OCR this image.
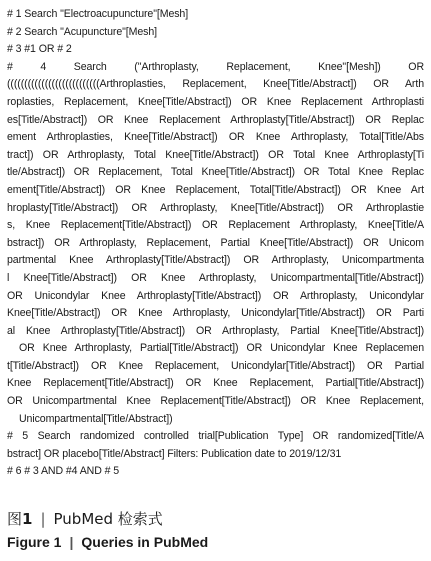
# 1 Search "Electroacupuncture"[Mesh]
# 2 Search "Acupuncture"[Mesh]
# 3 #1 OR # 2
# 4 Search ("Arthroplasty, Replacement, Knee"[Mesh]) OR
(((((((((((((((((((((((((((Arthroplasties, Replacement, Knee[Title/Abstract]) OR Arth
roplasties, Replacement, Knee[Title/Abstract]) OR Knee Replacement Arthroplasti
es[Title/Abstract]) OR Knee Replacement Arthroplasty[Title/Abstract]) OR Replac
ement Arthroplasties, Knee[Title/Abstract]) OR Knee Arthroplasty, Total[Title/Abs
tract]) OR Arthroplasty, Total Knee[Title/Abstract]) OR Total Knee Arthroplasty[Ti
tle/Abstract]) OR Replacement, Total Knee[Title/Abstract]) OR Total Knee Replac
ement[Title/Abstract]) OR Knee Replacement, Total[Title/Abstract]) OR Knee Art
hroplasty[Title/Abstract]) OR Arthroplasty, Knee[Title/Abstract]) OR Arthroplastie
s, Knee Replacement[Title/Abstract]) OR Replacement Arthroplasty, Knee[Title/A
bstract]) OR Arthroplasty, Replacement, Partial Knee[Title/Abstract]) OR Unicom
partmental Knee Arthroplasty[Title/Abstract]) OR Arthroplasty, Unicompartmenta
l Knee[Title/Abstract]) OR Knee Arthroplasty, Unicompartmental[Title/Abstract])
OR Unicondylar Knee Arthroplasty[Title/Abstract]) OR Arthroplasty, Unicondylar
Knee[Title/Abstract]) OR Knee Arthroplasty, Unicondylar[Title/Abstract]) OR Parti
al Knee Arthroplasty[Title/Abstract]) OR Arthroplasty, Partial Knee[Title/Abstract])
OR Knee Arthroplasty, Partial[Title/Abstract]) OR Unicondylar Knee Replacemen
t[Title/Abstract]) OR Knee Replacement, Unicondylar[Title/Abstract]) OR Partial
Knee Replacement[Title/Abstract]) OR Knee Replacement, Partial[Title/Abstract])
OR Unicompartmental Knee Replacement[Title/Abstract]) OR Knee Replacement,
Unicompartmental[Title/Abstract])
# 5 Search randomized controlled trial[Publication Type] OR randomized[Title/A
bstract] OR placebo[Title/Abstract] Filters: Publication date to 2019/12/31
# 6 # 3 AND #4 AND # 5
图1 | PubMed 检索式
Figure 1 | Queries in PubMed
